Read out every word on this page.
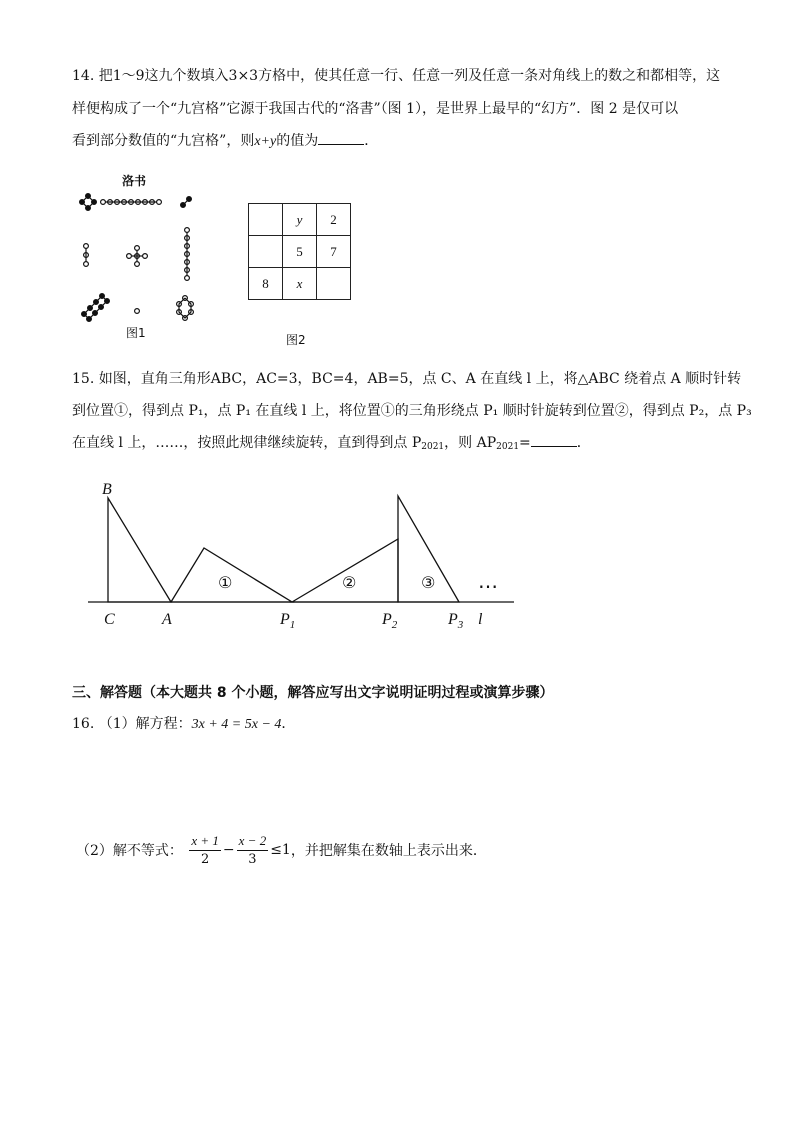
14. 把1～9这九个数填入3×3方格中，使其任意一行、任意一列及任意一条对角线上的数之和都相等，这
样便构成了一个“九宫格”它源于我国古代的“洛書”（图 1），是世界上最早的“幻方”．图 2 是仅可以
看到部分数值的“九宫格”，则x+y的值为	．
洛书
图1
	y	2
	5	7
8	x	
图2
15. 如图，直角三角形ABC，AC=3，BC=4，AB=5，点 C、A 在直线 l 上，将△ABC 绕着点 A 顺时针转
到位置①，得到点 P₁，点 P₁ 在直线 l 上，将位置①的三角形绕点 P₁ 顺时针旋转到位置②，得到点 P₂，点 P₃
在直线 l 上，……，按照此规律继续旋转，直到得到点 $P_{2021}$，则 $AP_{2021}=$	．
B
C	A	$P_1$	$P_2$	$P_3$ l
①	②	③ …
三、解答题（本大题共 8 个小题，解答应写出文字说明证明过程或演算步骤）
16. （1）解方程：3x + 4 = 5x − 4．
（2）解不等式： $\frac{x + 1}{2} - \frac{x - 2}{3} \le 1$，并把解集在数轴上表示出来．
